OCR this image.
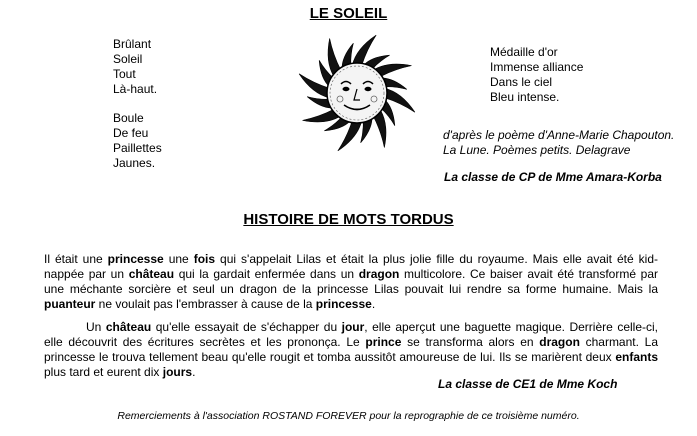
LE SOLEIL
Brûlant
Soleil
Tout
Là-haut.
Boule
De feu
Paillettes
Jaunes.
Médaille d'or
Immense alliance
Dans le ciel
Bleu intense.
d'après le poème d'Anne-Marie Chapouton.
La Lune. Poèmes petits. Delagrave
La classe de CP de Mme Amara-Korba
HISTOIRE DE MOTS TORDUS
Il était une princesse une fois qui s'appelait Lilas et était la plus jolie fille du royaume. Mais elle avait été kid-nappée par un château qui la gardait enfermée dans un dragon multicolore. Ce baiser avait été transformé par une méchante sorcière et seul un dragon de la princesse Lilas pouvait lui rendre sa forme humaine. Mais la puanteur ne voulait pas l'embrasser à cause de la princesse.
Un château qu'elle essayait de s'échapper du jour, elle aperçut une baguette magique. Derrière celle-ci, elle découvrit des écritures secrètes et les prononça. Le prince se transforma alors en dragon charmant. La princesse le trouva tellement beau qu'elle rougit et tomba aussitôt amoureuse de lui. Ils se marièrent deux enfants plus tard et eurent dix jours.
La classe de CE1 de Mme Koch
Remerciements à l'association ROSTAND FOREVER pour la reprographie de ce troisième numéro.
